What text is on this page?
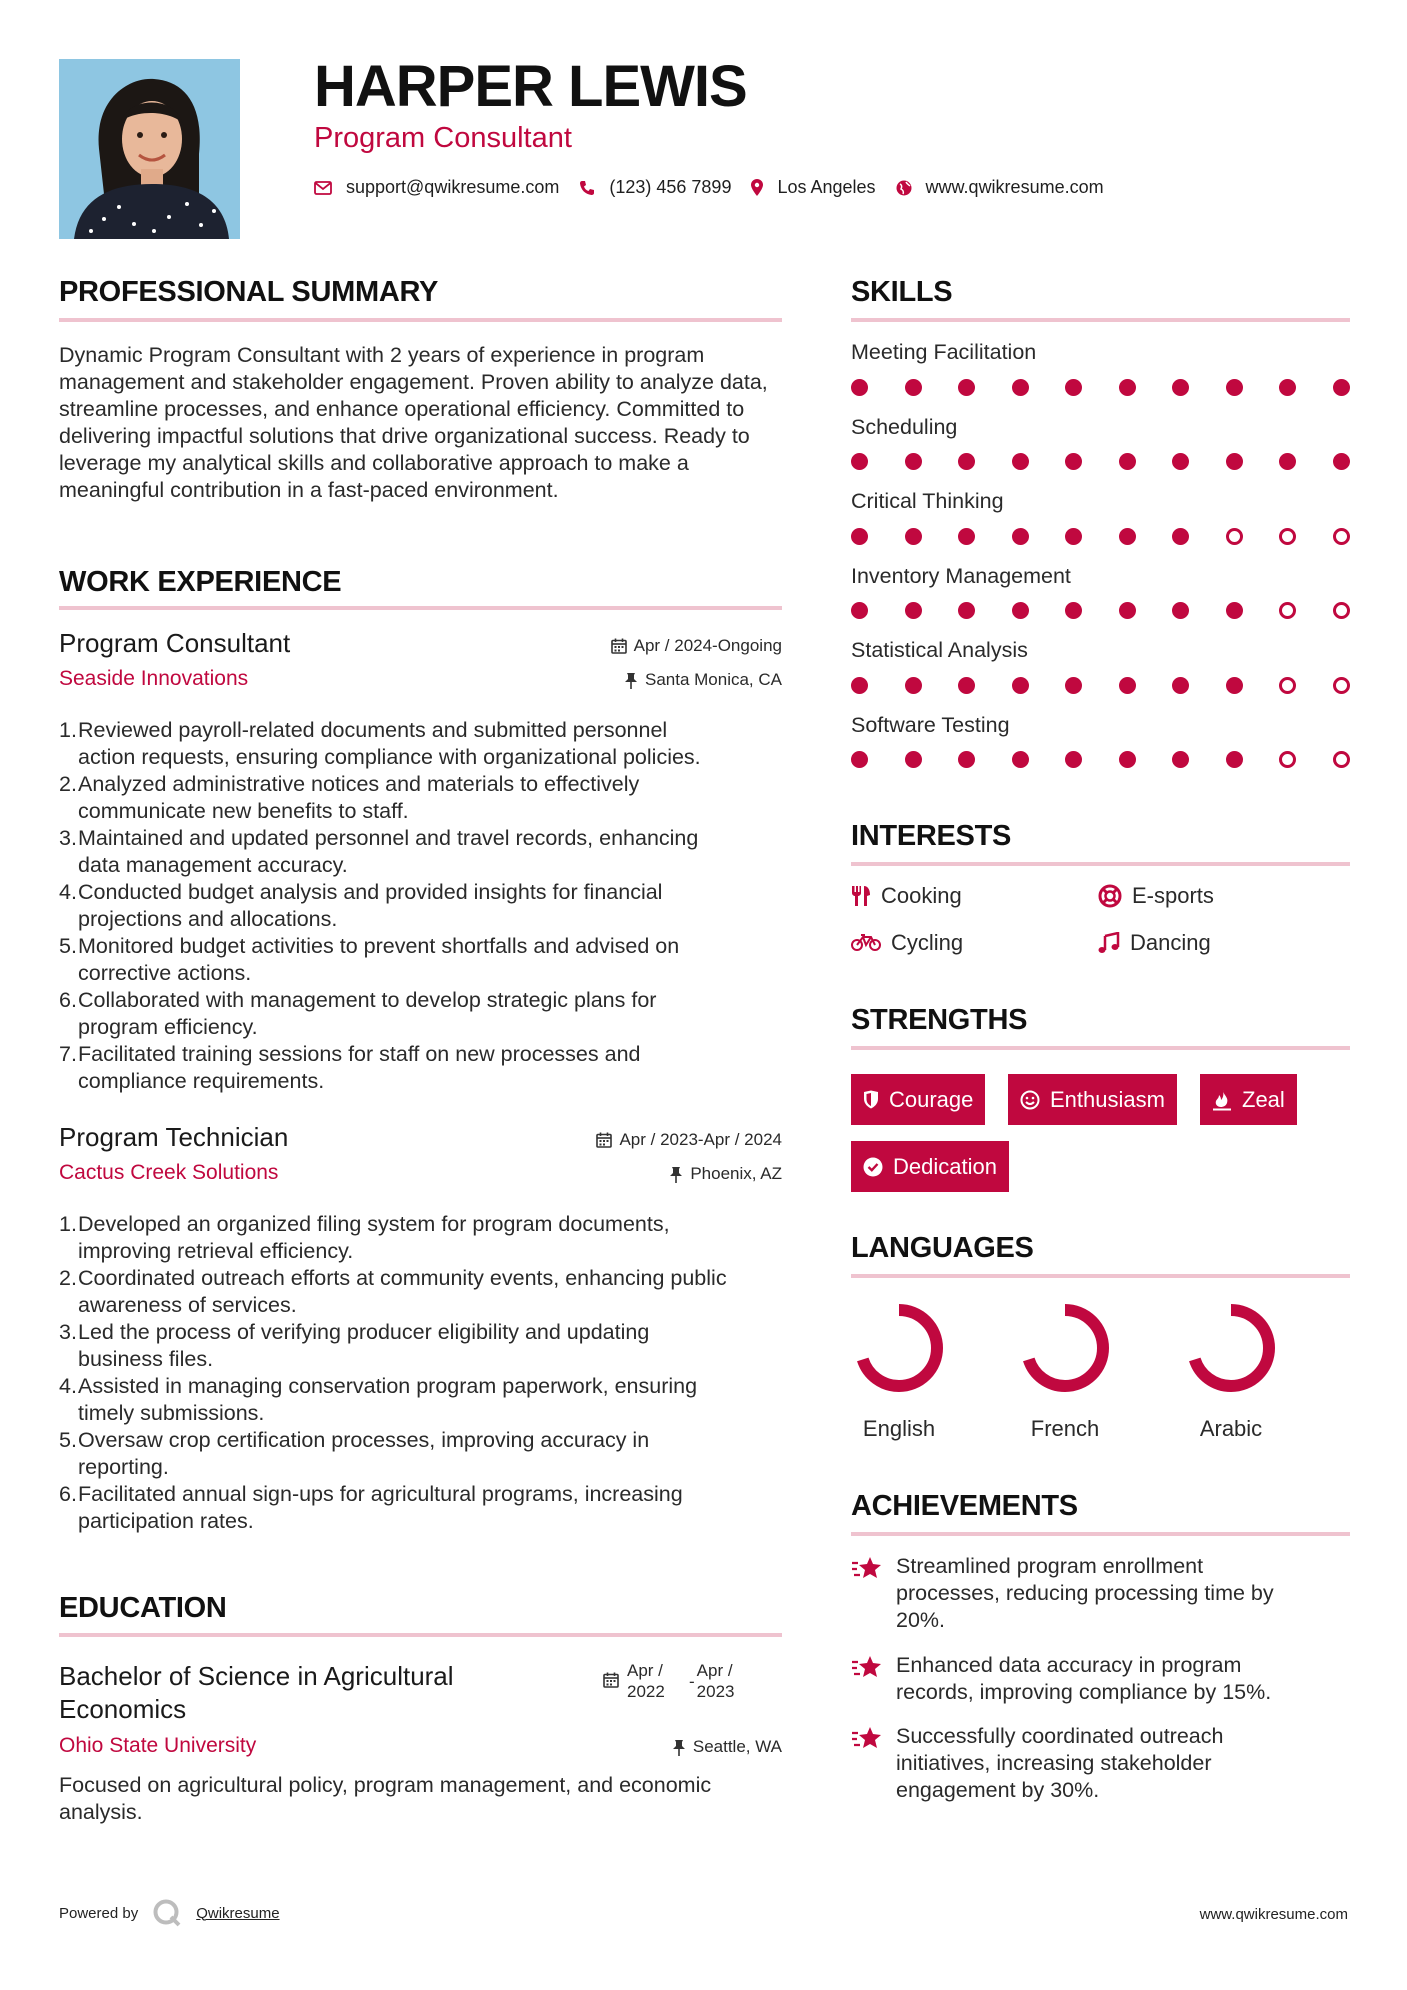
HARPER LEWIS
Program Consultant
support@qwikresume.com	(123) 456 7899	Los Angeles	www.qwikresume.com
PROFESSIONAL SUMMARY
Dynamic Program Consultant with 2 years of experience in program management and stakeholder engagement. Proven ability to analyze data, streamline processes, and enhance operational efficiency. Committed to delivering impactful solutions that drive organizational success. Ready to leverage my analytical skills and collaborative approach to make a meaningful contribution in a fast-paced environment.
WORK EXPERIENCE
Program Consultant	Apr / 2024-Ongoing
Seaside Innovations	Santa Monica, CA
1. Reviewed payroll-related documents and submitted personnel
action requests, ensuring compliance with organizational policies.
2. Analyzed administrative notices and materials to effectively
communicate new benefits to staff.
3. Maintained and updated personnel and travel records, enhancing
data management accuracy.
4. Conducted budget analysis and provided insights for financial
projections and allocations.
5. Monitored budget activities to prevent shortfalls and advised on
corrective actions.
6. Collaborated with management to develop strategic plans for
program efficiency.
7. Facilitated training sessions for staff on new processes and
compliance requirements.
Program Technician	Apr / 2023-Apr / 2024
Cactus Creek Solutions	Phoenix, AZ
1. Developed an organized filing system for program documents,
improving retrieval efficiency.
2. Coordinated outreach efforts at community events, enhancing public
awareness of services.
3. Led the process of verifying producer eligibility and updating
business files.
4. Assisted in managing conservation program paperwork, ensuring
timely submissions.
5. Oversaw crop certification processes, improving accuracy in
reporting.
6. Facilitated annual sign-ups for agricultural programs, increasing
participation rates.
EDUCATION
Bachelor of Science in Agricultural
Economics
Apr /
2022
-
Apr /
2023
Ohio State University	Seattle, WA
Focused on agricultural policy, program management, and economic analysis.
SKILLS
Meeting Facilitation
Scheduling
Critical Thinking
Inventory Management
Statistical Analysis
Software Testing
INTERESTS
Cooking	E-sports
Cycling	Dancing
STRENGTHS
Courage	Enthusiasm	Zeal
Dedication
LANGUAGES
English	French	Arabic
ACHIEVEMENTS
Streamlined program enrollment
processes, reducing processing time by
20%.
Enhanced data accuracy in program
records, improving compliance by 15%.
Successfully coordinated outreach
initiatives, increasing stakeholder
engagement by 30%.
Powered by	Qwikresume	www.qwikresume.com
